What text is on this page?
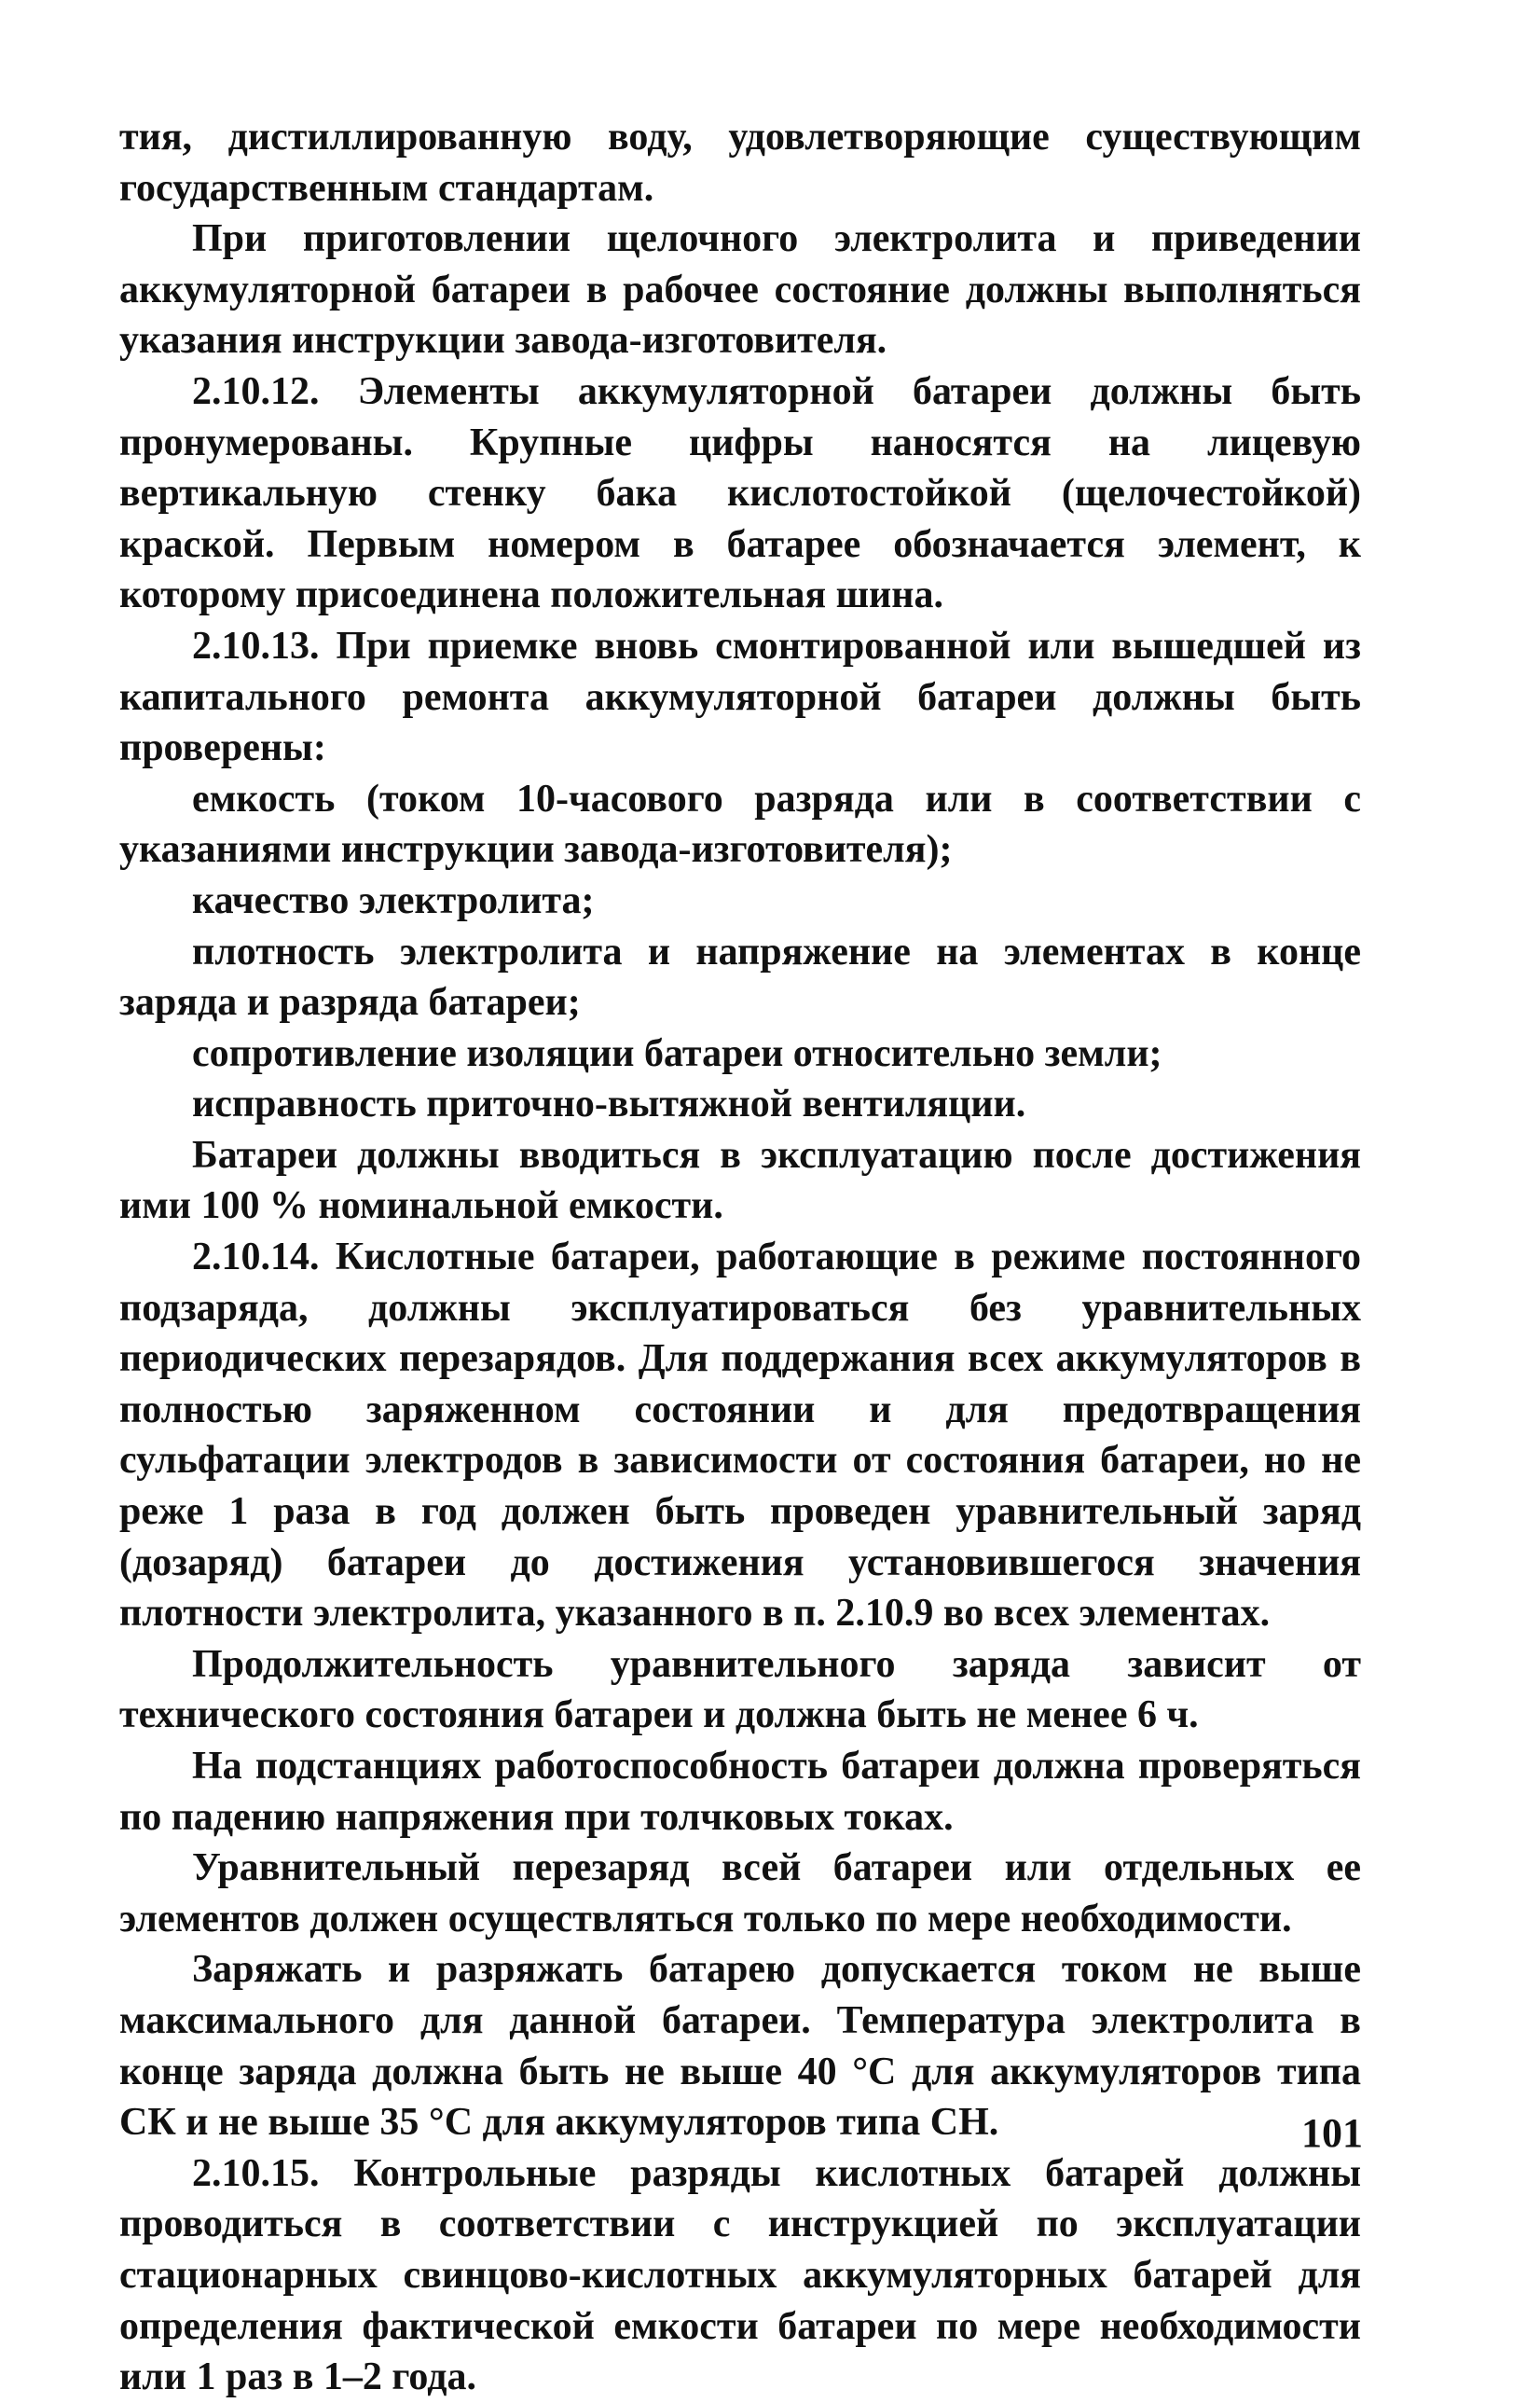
тия, дистиллированную воду, удовлетворяющие существующим государственным стандартам.

При приготовлении щелочного электролита и приведении аккумуляторной батареи в рабочее состояние должны выполняться указания инструкции завода-изготовителя.

2.10.12. Элементы аккумуляторной батареи должны быть пронумерованы. Крупные цифры наносятся на лицевую вертикальную стенку бака кислотостойкой (щелочестойкой) краской. Первым номером в батарее обозначается элемент, к которому присоединена положительная шина.

2.10.13. При приемке вновь смонтированной или вышедшей из капитального ремонта аккумуляторной батареи должны быть проверены:

емкость (током 10-часового разряда или в соответствии с указаниями инструкции завода-изготовителя);

качество электролита;

плотность электролита и напряжение на элементах в конце заряда и разряда батареи;

сопротивление изоляции батареи относительно земли;

исправность приточно-вытяжной вентиляции.

Батареи должны вводиться в эксплуатацию после достижения ими 100 % номинальной емкости.

2.10.14. Кислотные батареи, работающие в режиме постоянного подзаряда, должны эксплуатироваться без уравнительных периодических перезарядов. Для поддержания всех аккумуляторов в полностью заряженном состоянии и для предотвращения сульфатации электродов в зависимости от состояния батареи, но не реже 1 раза в год должен быть проведен уравнительный заряд (дозаряд) батареи до достижения установившегося значения плотности электролита, указанного в п. 2.10.9 во всех элементах.

Продолжительность уравнительного заряда зависит от технического состояния батареи и должна быть не менее 6 ч.

На подстанциях работоспособность батареи должна проверяться по падению напряжения при толчковых токах.

Уравнительный перезаряд всей батареи или отдельных ее элементов должен осуществляться только по мере необходимости.

Заряжать и разряжать батарею допускается током не выше максимального для данной батареи. Температура электролита в конце заряда должна быть не выше 40 °С для аккумуляторов типа СК и не выше 35 °С для аккумуляторов типа СН.

2.10.15. Контрольные разряды кислотных батарей должны проводиться в соответствии с инструкцией по эксплуатации стационарных свинцово-кислотных аккумуляторных батарей для определения фактической емкости батареи по мере необходимости или 1 раз в 1–2 года.

101
